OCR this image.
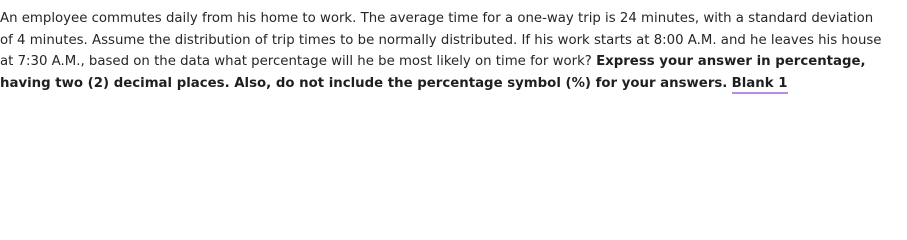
An employee commutes daily from his home to work. The average time for a one-way trip is 24 minutes, with a standard deviation
of 4 minutes. Assume the distribution of trip times to be normally distributed. If his work starts at 8:00 A.M. and he leaves his house
at 7:30 A.M., based on the data what percentage will he be most likely on time for work? Express your answer in percentage,
having two (2) decimal places. Also, do not include the percentage symbol (%) for your answers. Blank 1
